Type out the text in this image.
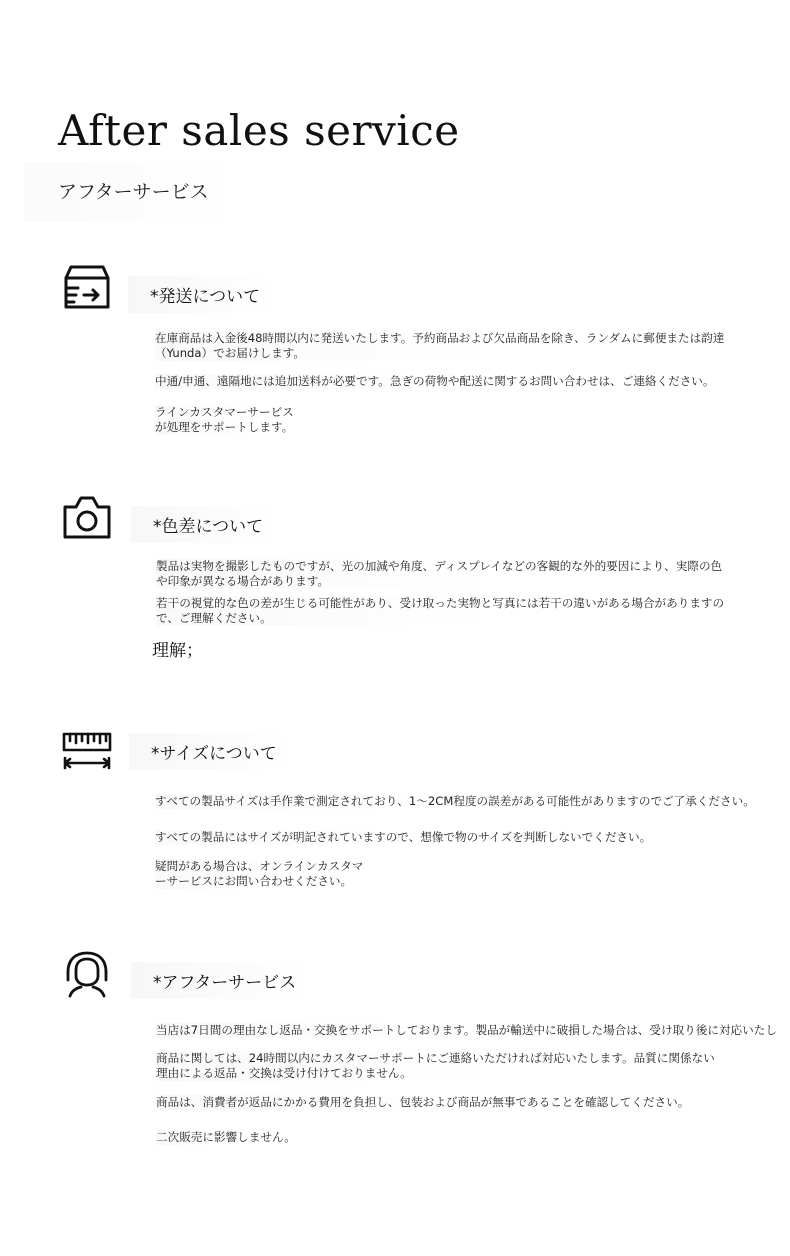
After sales service
アフターサービス
*発送について
在庫商品は入金後48時間以内に発送いたします。予約商品および欠品商品を除き、ランダムに郵便または韵達（Yunda）でお届けします。
中通/申通、遠隔地には追加送料が必要です。急ぎの荷物や配送に関するお問い合わせは、ご連絡ください。
ラインカスタマーサービス
が処理をサポートします。
*色差について
製品は実物を撮影したものですが、光の加減や角度、ディスプレイなどの客観的な外的要因により、実際の色や印象が異なる場合があります。
若干の視覚的な色の差が生じる可能性があり、受け取った実物と写真には若干の違いがある場合がありますので、ご理解ください。
理解；
*サイズについて
すべての製品サイズは手作業で測定されており、1〜2CM程度の誤差がある可能性がありますのでご了承ください。
すべての製品にはサイズが明記されていますので、想像で物のサイズを判断しないでください。
疑問がある場合は、オンラインカスタマ
ーサービスにお問い合わせください。
*アフターサービス
当店は7日間の理由なし返品・交換をサポートしております。製品が輸送中に破損した場合は、受け取り後に対応いたし
商品に関しては、24時間以内にカスタマーサポートにご連絡いただければ対応いたします。品質に関係ない理由による返品・交換は受け付けておりません。
商品は、消費者が返品にかかる費用を負担し、包装および商品が無事であることを確認してください。
二次販売に影響しません。
